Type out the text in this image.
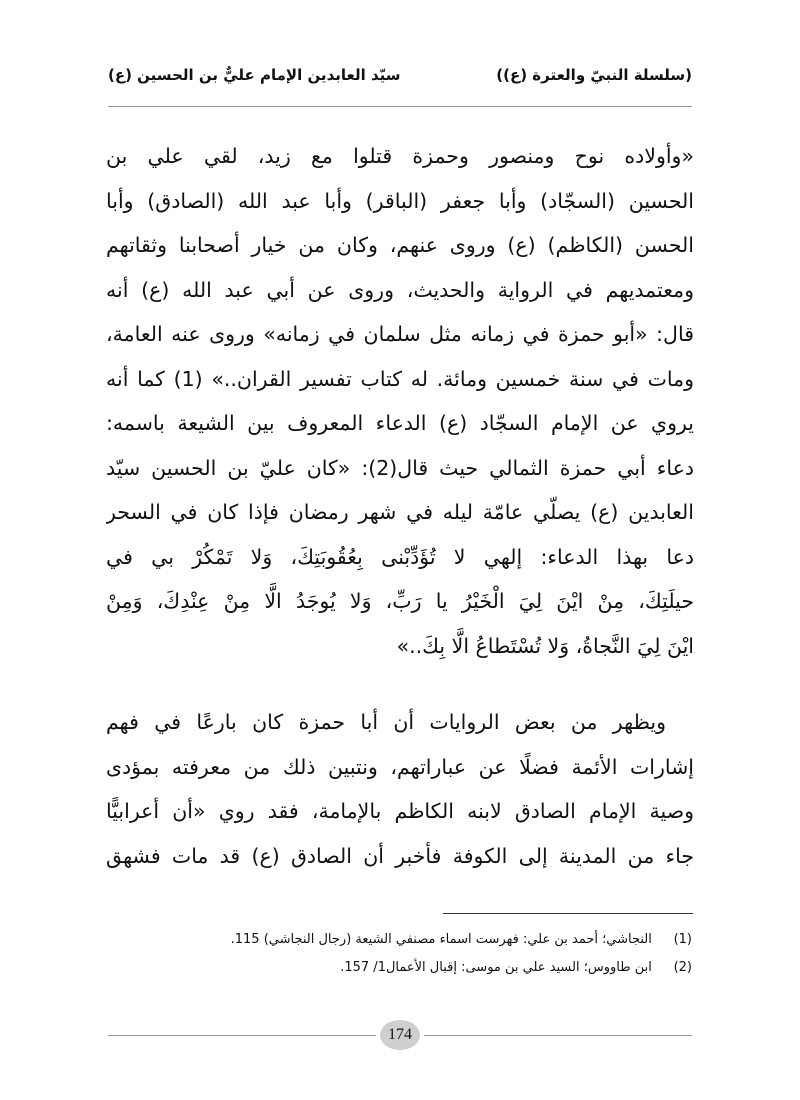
(سلسلة النبيّ والعترة (ع))
سيّد العابدين الإمام عليٌّ بن الحسين (ع)
«وأولاده نوح ومنصور وحمزة قتلوا مع زيد، لقي علي بن
الحسين (السجّاد) وأبا جعفر (الباقر) وأبا عبد الله (الصادق) وأبا
الحسن (الكاظم) (ع) وروى عنهم، وكان من خيار أصحابنا وثقاتهم
ومعتمديهم في الرواية والحديث، وروى عن أبي عبد الله (ع) أنه
قال: «أبو حمزة في زمانه مثل سلمان في زمانه» وروى عنه العامة،
ومات في سنة خمسين ومائة. له كتاب تفسير القران..» (1) كما أنه
يروي عن الإمام السجّاد (ع) الدعاء المعروف بين الشيعة باسمه:
دعاء أبي حمزة الثمالي حيث قال(2): «كان عليّ بن الحسين سيّد
العابدين (ع) يصلّي عامّة ليله في شهر رمضان فإذا كان في السحر
دعا بهذا الدعاء: إلهي لا تُؤَدِّبْنى بِعُقُوبَتِكَ، وَلا تَمْكُرْ بي في
حيلَتِكَ، مِنْ ايْنَ لِيَ الْخَيْرُ يا رَبِّ، وَلا يُوجَدُ الَّا مِنْ عِنْدِكَ، وَمِنْ
ايْنَ لِيَ النَّجاةُ، وَلا تُسْتَطاعُ الَّا بِكَ..»
ويظهر من بعض الروايات أن أبا حمزة كان بارعًا في فهم
إشارات الأئمة فضلًا عن عباراتهم، ونتبين ذلك من معرفته بمؤدى
وصية الإمام الصادق لابنه الكاظم بالإمامة، فقد روي «أن أعرابيًّا
جاء من المدينة إلى الكوفة فأخبر أن الصادق (ع) قد مات فشهق
(1) النجاشي؛ أحمد بن علي: فهرست اسماء مصنفي الشيعة (رجال النجاشي) 115.
(2) ابن طاووس؛ السيد علي بن موسى: إقبال الأعمال1/ 157.
174
